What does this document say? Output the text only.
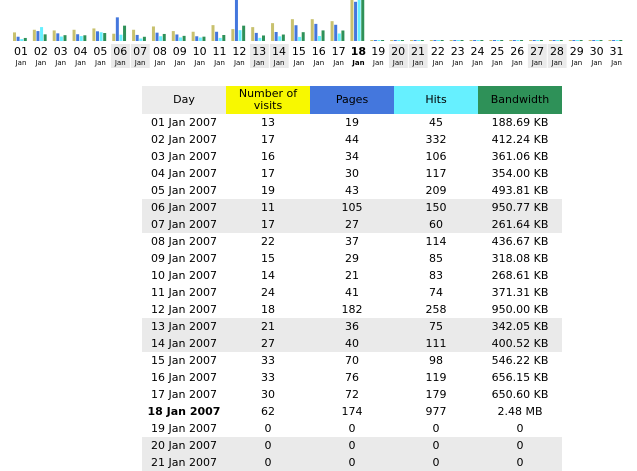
01
Jan
02
Jan
03
Jan
04
Jan
05
Jan
06
Jan
07
Jan
08
Jan
09
Jan
10
Jan
11
Jan
12
Jan
13
Jan
14
Jan
15
Jan
16
Jan
17
Jan
18
Jan
19
Jan
20
Jan
21
Jan
22
Jan
23
Jan
24
Jan
25
Jan
26
Jan
27
Jan
28
Jan
29
Jan
30
Jan
31
Jan
Day	Number of visits	Pages	Hits	Bandwidth
01 Jan 2007	13	19	45	188.69 KB
02 Jan 2007	17	44	332	412.24 KB
03 Jan 2007	16	34	106	361.06 KB
04 Jan 2007	17	30	117	354.00 KB
05 Jan 2007	19	43	209	493.81 KB
06 Jan 2007	11	105	150	950.77 KB
07 Jan 2007	17	27	60	261.64 KB
08 Jan 2007	22	37	114	436.67 KB
09 Jan 2007	15	29	85	318.08 KB
10 Jan 2007	14	21	83	268.61 KB
11 Jan 2007	24	41	74	371.31 KB
12 Jan 2007	18	182	258	950.00 KB
13 Jan 2007	21	36	75	342.05 KB
14 Jan 2007	27	40	111	400.52 KB
15 Jan 2007	33	70	98	546.22 KB
16 Jan 2007	33	76	119	656.15 KB
17 Jan 2007	30	72	179	650.60 KB
18 Jan 2007	62	174	977	2.48 MB
19 Jan 2007	0	0	0	0
20 Jan 2007	0	0	0	0
21 Jan 2007	0	0	0	0
